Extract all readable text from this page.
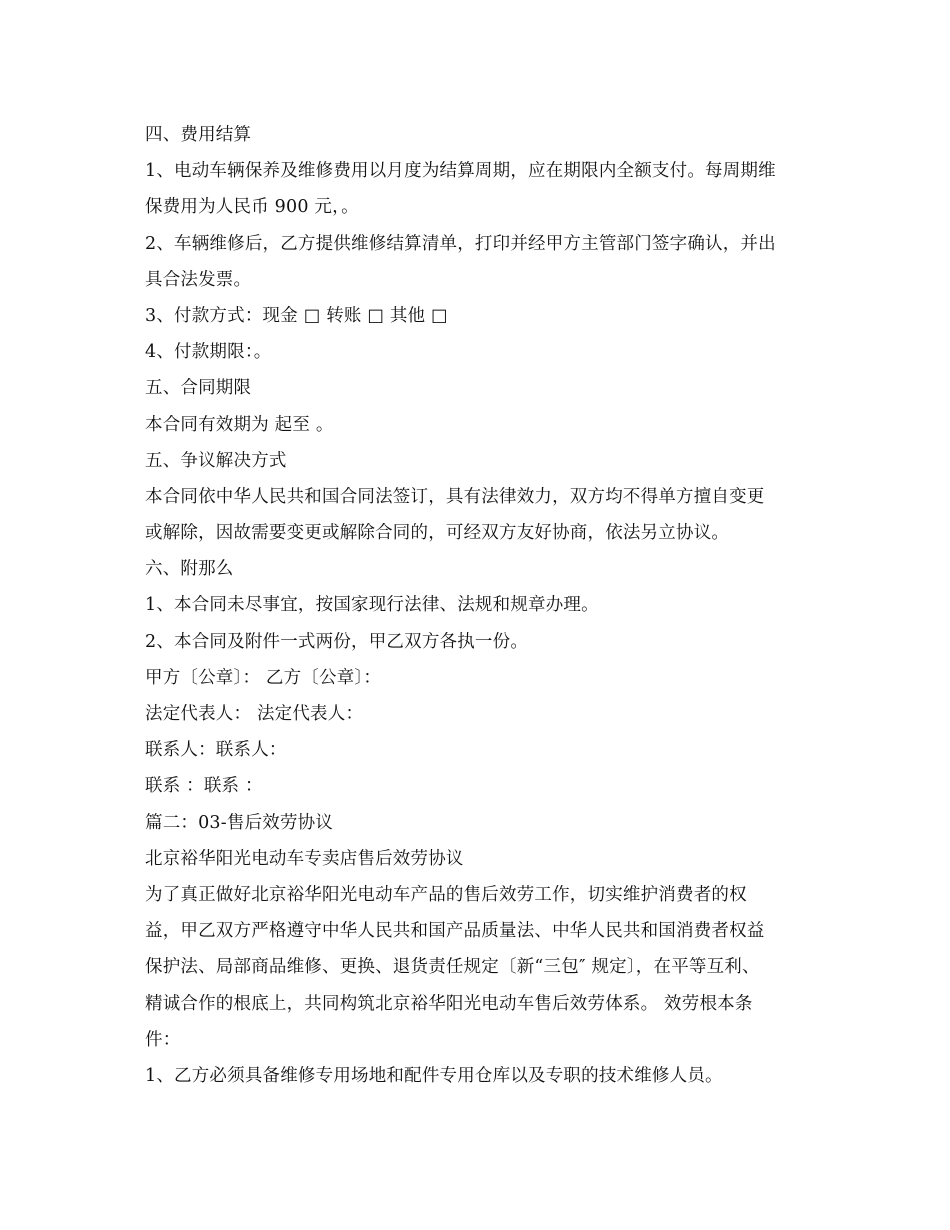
四、费用结算
1、电动车辆保养及维修费用以月度为结算周期，应在期限内全额支付。每周期维
保费用为人民币 900 元，。
2、车辆维修后，乙方提供维修结算清单，打印并经甲方主管部门签字确认，并出
具合法发票。
3、付款方式：现金 □ 转账 □ 其他 □
4、付款期限：。
五、合同期限
本合同有效期为 起至 。
五、争议解决方式
本合同依中华人民共和国合同法签订，具有法律效力，双方均不得单方擅自变更
或解除，因故需要变更或解除合同的，可经双方友好协商，依法另立协议。
六、附那么
1、本合同未尽事宜，按国家现行法律、法规和规章办理。
2、本合同及附件一式两份，甲乙双方各执一份。
甲方〔公章〕： 乙方〔公章〕：
法定代表人： 法定代表人：
联系人：联系人：
联系 ：联系 ：
篇二：03-售后效劳协议
北京裕华阳光电动车专卖店售后效劳协议
为了真正做好北京裕华阳光电动车产品的售后效劳工作，切实维护消费者的权
益，甲乙双方严格遵守中华人民共和国产品质量法、中华人民共和国消费者权益
保护法、局部商品维修、更换、退货责任规定〔新“三包″ 规定〕，在平等互利、
精诚合作的根底上，共同构筑北京裕华阳光电动车售后效劳体系。 效劳根本条
件：
1、乙方必须具备维修专用场地和配件专用仓库以及专职的技术维修人员。
